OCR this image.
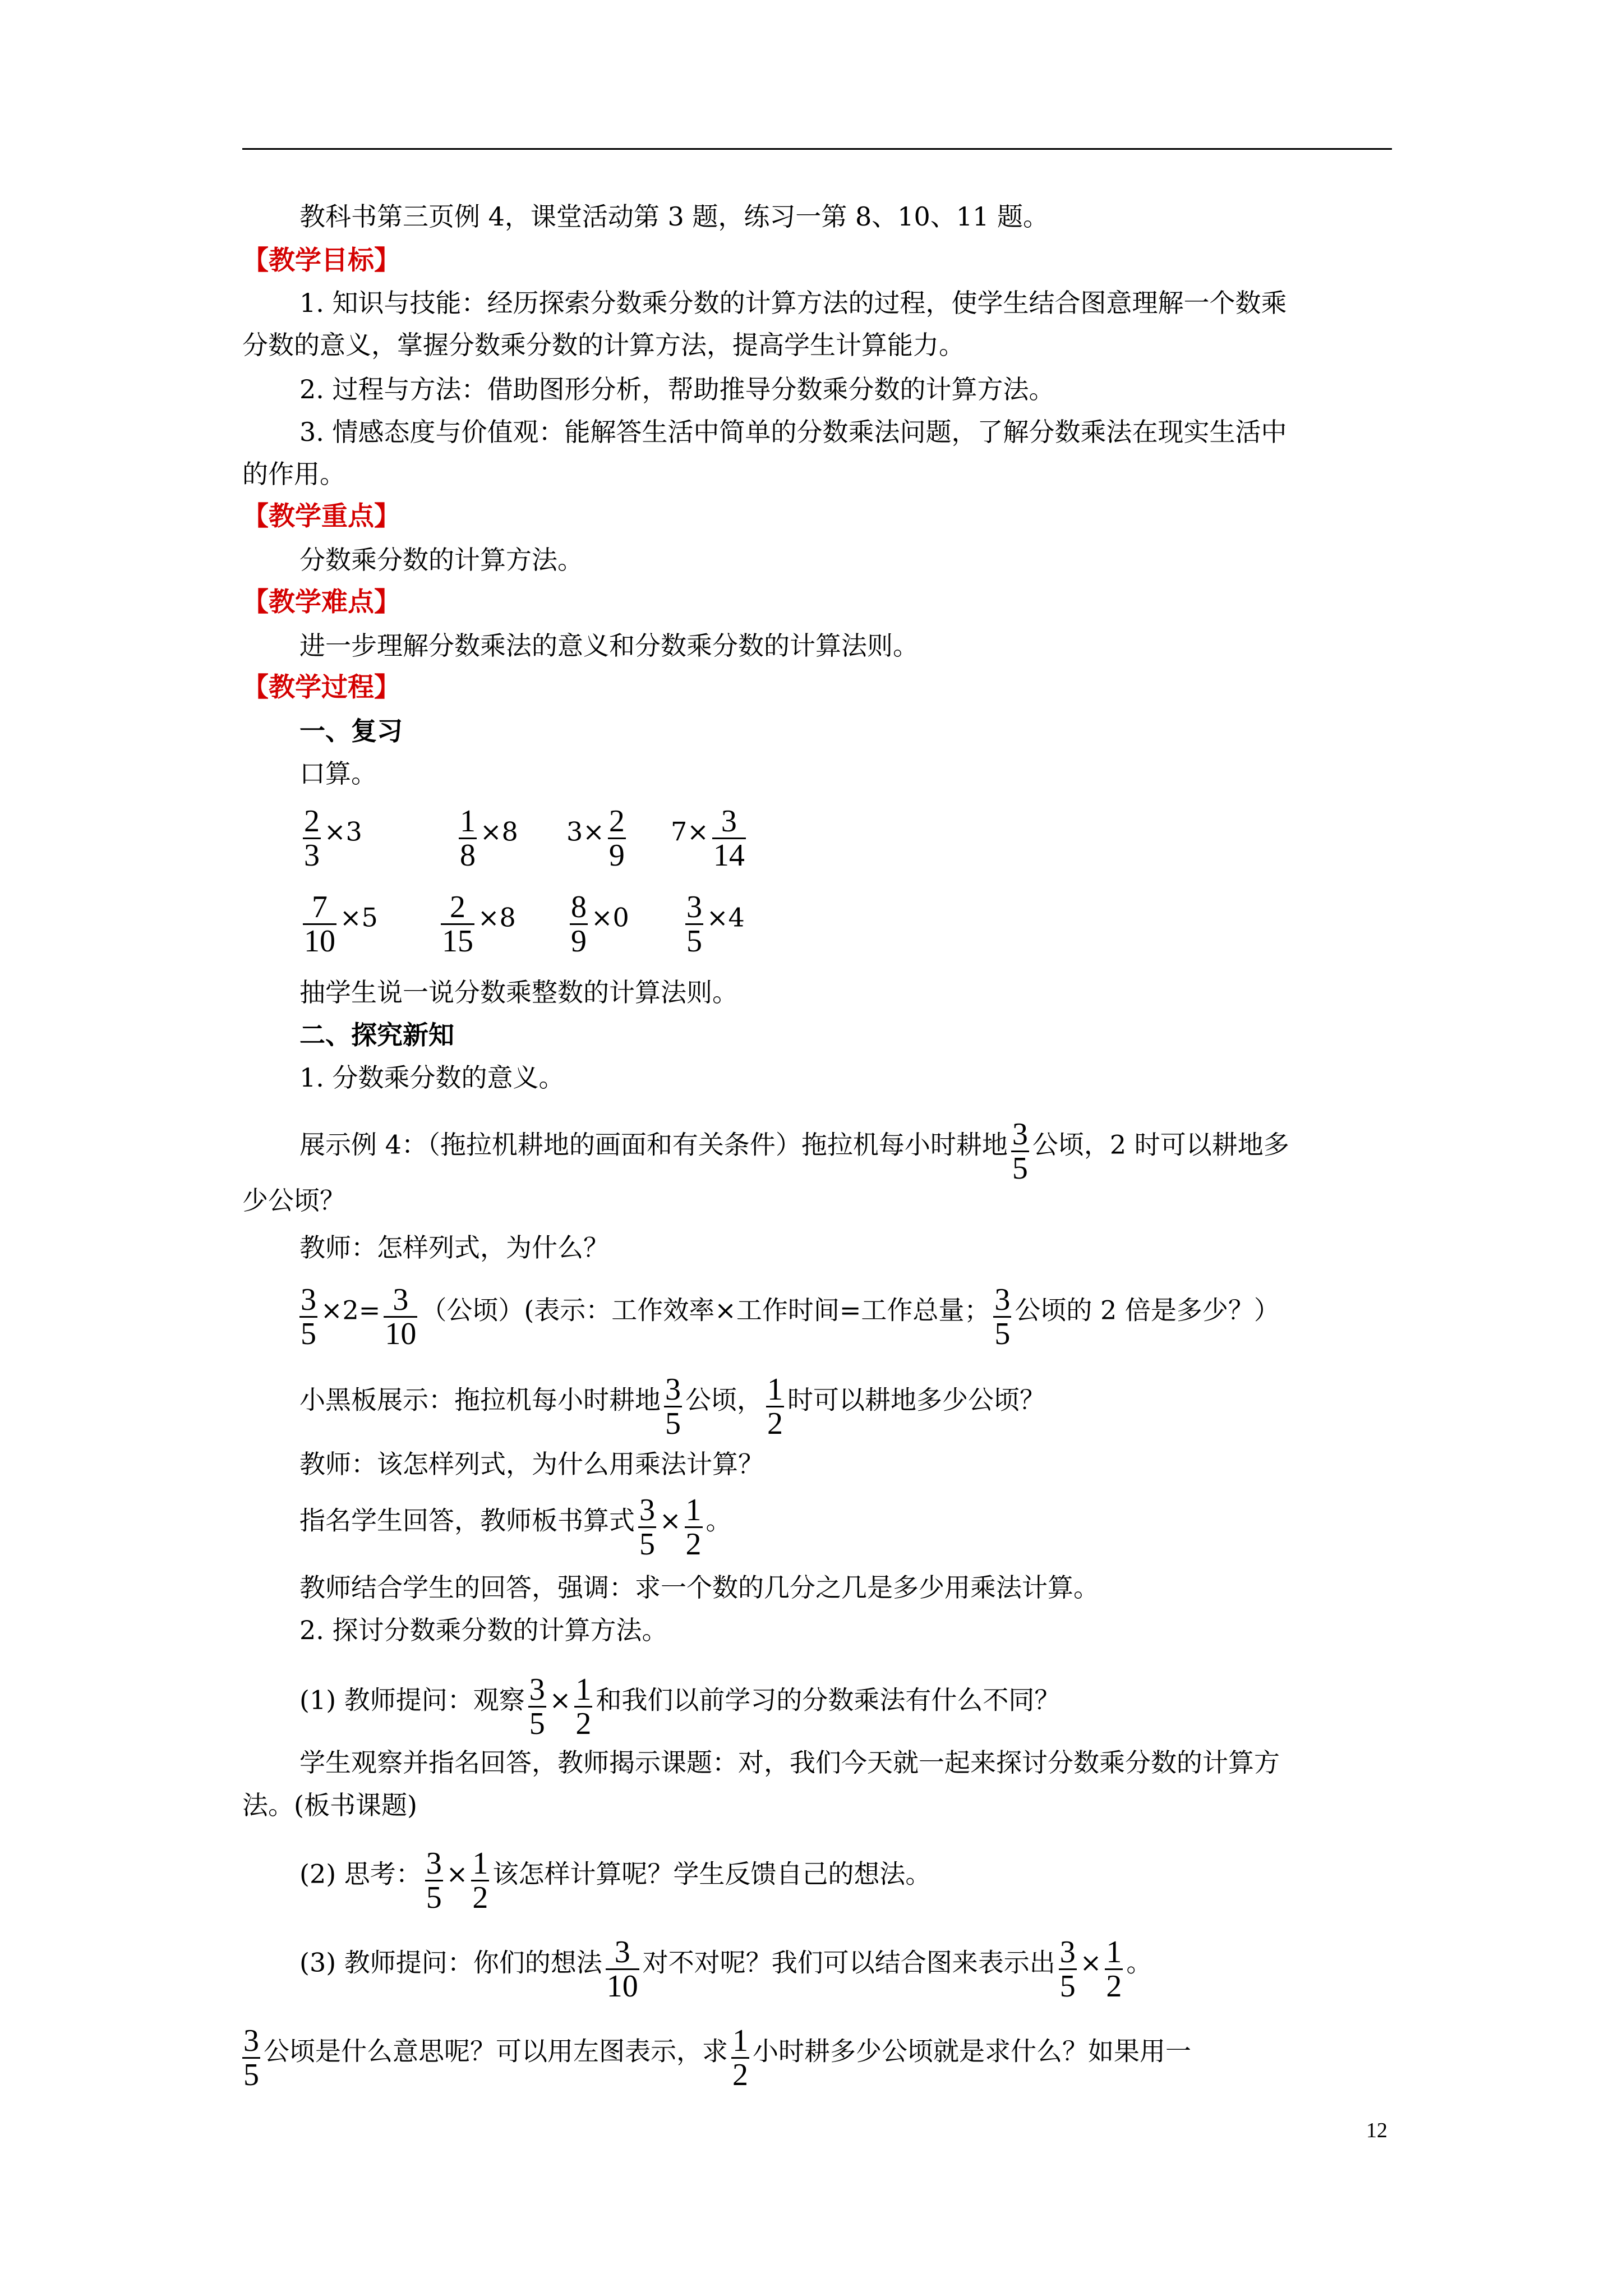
教科书第三页例 4，课堂活动第 3 题，练习一第 8、10、11 题。
【教学目标】
1. 知识与技能：经历探索分数乘分数的计算方法的过程，使学生结合图意理解一个数乘
分数的意义，掌握分数乘分数的计算方法，提高学生计算能力。
2. 过程与方法：借助图形分析，帮助推导分数乘分数的计算方法。
3. 情感态度与价值观：能解答生活中简单的分数乘法问题，了解分数乘法在现实生活中
的作用。
【教学重点】
分数乘分数的计算方法。
【教学难点】
进一步理解分数乘法的意义和分数乘分数的计算法则。
【教学过程】
一、复习
口算。
$\frac{2}{3} \times 3$	$\frac{1}{8} \times 8$ $3\times \frac{2}{9} 7\times \frac{3}{14}$
$\frac{7}{10} \times 5 \frac{2}{15} \times 8 \frac{8}{9} \times 0 \frac{3}{5} \times 4$
抽学生说一说分数乘整数的计算法则。
二、探究新知
1. 分数乘分数的意义。
展示例 4：（拖拉机耕地的画面和有关条件）拖拉机每小时耕地 $\frac{3}{5}$ 公顷，2 时可以耕地多
少公顷？
教师：怎样列式，为什么？
$\frac{3}{5} \times 2= \frac{3}{10}$ （公顷）(表示：工作效率×工作时间=工作总量； $\frac{3}{5}$ 公顷的 2 倍是多少？）
小黑板展示：拖拉机每小时耕地 $\frac{3}{5}$ 公顷， $\frac{1}{2}$ 时可以耕地多少公顷？
教师：该怎样列式，为什么用乘法计算？
指名学生回答，教师板书算式 $\frac{3}{5} \times \frac{1}{2}$ 。
教师结合学生的回答，强调：求一个数的几分之几是多少用乘法计算。
2. 探讨分数乘分数的计算方法。
(1) 教师提问：观察 $\frac{3}{5} \times \frac{1}{2}$ 和我们以前学习的分数乘法有什么不同？
学生观察并指名回答，教师揭示课题：对，我们今天就一起来探讨分数乘分数的计算方
法。(板书课题)
(2) 思考： $\frac{3}{5} \times \frac{1}{2}$ 该怎样计算呢？学生反馈自己的想法。
(3) 教师提问：你们的想法 $\frac{3}{10}$ 对不对呢？我们可以结合图来表示出 $\frac{3}{5} \times \frac{1}{2}$ 。
$\frac{3}{5}$ 公顷是什么意思呢？可以用左图表示，求 $\frac{1}{2}$ 小时耕多少公顷就是求什么？如果用一
12
